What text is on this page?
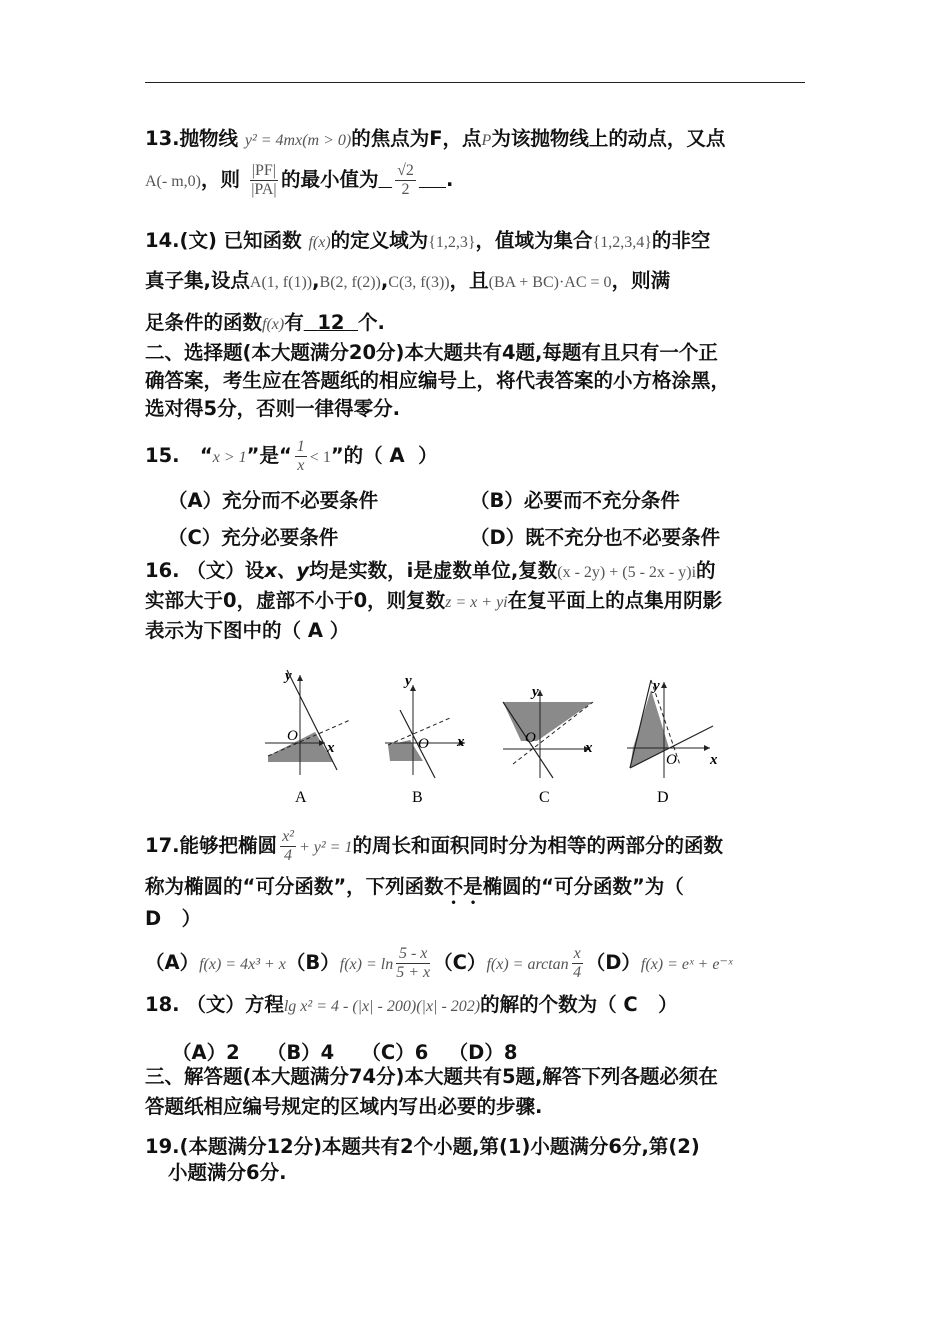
13.抛物线 y² = 4mx(m > 0)的焦点为F，点P为该抛物线上的动点，又点
A(- m,0)，则 $\frac{|PF|}{|PA|}$ 的最小值为 $\frac{√2}{2}$ .
14.(文) 已知函数 f(x)的定义域为{1,2,3}，值域为集合{1,2,3,4}的非空
真子集,设点A(1, f(1)),B(2, f(2)),C(3, f(3))，且(BA + BC)·AC = 0，则满
足条件的函数f(x)有 12 个.
二、选择题(本大题满分20分)本大题共有4题,每题有且只有一个正
确答案，考生应在答题纸的相应编号上，将代表答案的小方格涂黑，
选对得5分，否则一律得零分.
15. “x > 1”是“ $\frac{1}{x} < 1$”的（ A ）
（A）充分而不必要条件	（B）必要而不充分条件
（C）充分必要条件	（D）既不充分也不必要条件
16. （文）设x、y均是实数，i是虚数单位,复数(x - 2y) + (5 - 2x - y)i的
实部大于0，虚部不小于0，则复数z = x + yi在复平面上的点集用阴影
表示为下图中的（ A ）
O
x
y
A
O x
y
B
O
x
y
C
O x
y
D
17.能够把椭圆 $\frac{\text{x²}}{4} + y^2 = 1$的周长和面积同时分为相等的两部分的函数
称为椭圆的“可分函数”，下列函数不是椭圆的“可分函数”为（
D ）
$(A)f(x) = 4x^3 + x(B)f(x) = \ln \frac{5 - x}{5 + x} (C)f(x) = \arctan \frac{x}{4} (D)f(x)$ = eˣ + e⁻ˣ
18. （文）方程lg x² = 4 - (|x| - 200)(|x| - 202)的解的个数为（ C ）
（A）2    （B）4    （C）6   （D）8
三、解答题(本大题满分74分)本大题共有5题,解答下列各题必须在
答题纸相应编号规定的区域内写出必要的步骤.
19.(本题满分12分)本题共有2个小题,第(1)小题满分6分,第(2)
小题满分6分.
